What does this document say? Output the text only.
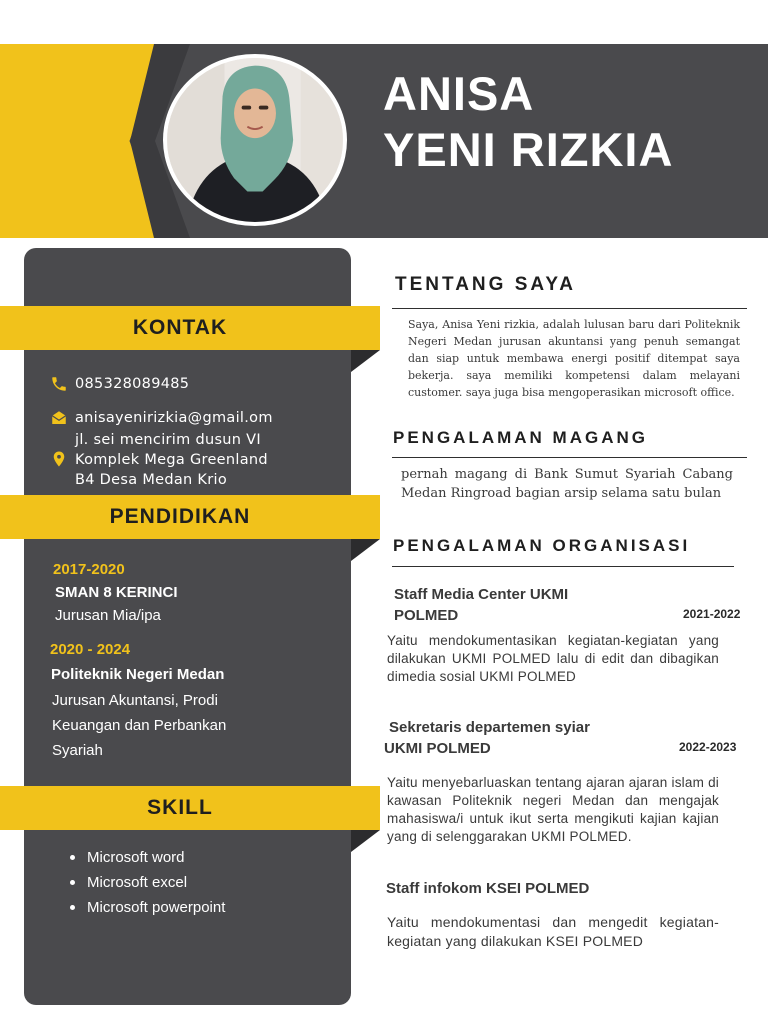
ANISA
YENI RIZKIA
KONTAK
085328089485
anisayenirizkia@gmail.om
jl. sei mencirim dusun VI
Komplek Mega Greenland
B4 Desa Medan Krio
PENDIDIKAN
2017-2020
SMAN 8 KERINCI
Jurusan Mia/ipa
2020 - 2024
Politeknik Negeri Medan
Jurusan Akuntansi, Prodi
Keuangan dan Perbankan
Syariah
SKILL
Microsoft word
Microsoft excel
Microsoft powerpoint
TENTANG SAYA
Saya, Anisa Yeni rizkia, adalah lulusan baru dari Politeknik Negeri Medan jurusan akuntansi yang penuh semangat dan siap untuk membawa energi positif ditempat saya bekerja. saya memiliki kompetensi dalam melayani customer. saya juga bisa mengoperasikan microsoft office.
PENGALAMAN MAGANG
pernah magang di Bank Sumut Syariah Cabang Medan Ringroad bagian arsip selama satu bulan
PENGALAMAN ORGANISASI
Staff Media Center UKMI
POLMED	2021-2022
Yaitu mendokumentasikan kegiatan-kegiatan yang dilakukan UKMI POLMED lalu di edit dan dibagikan dimedia sosial UKMI POLMED
Sekretaris departemen syiar
UKMI POLMED	2022-2023
Yaitu menyebarluaskan tentang ajaran ajaran islam di kawasan Politeknik negeri Medan dan mengajak mahasiswa/i untuk ikut serta mengikuti kajian kajian yang di selenggarakan UKMI POLMED.
Staff infokom KSEI POLMED
Yaitu mendokumentasi dan mengedit kegiatan-kegiatan yang dilakukan KSEI POLMED
